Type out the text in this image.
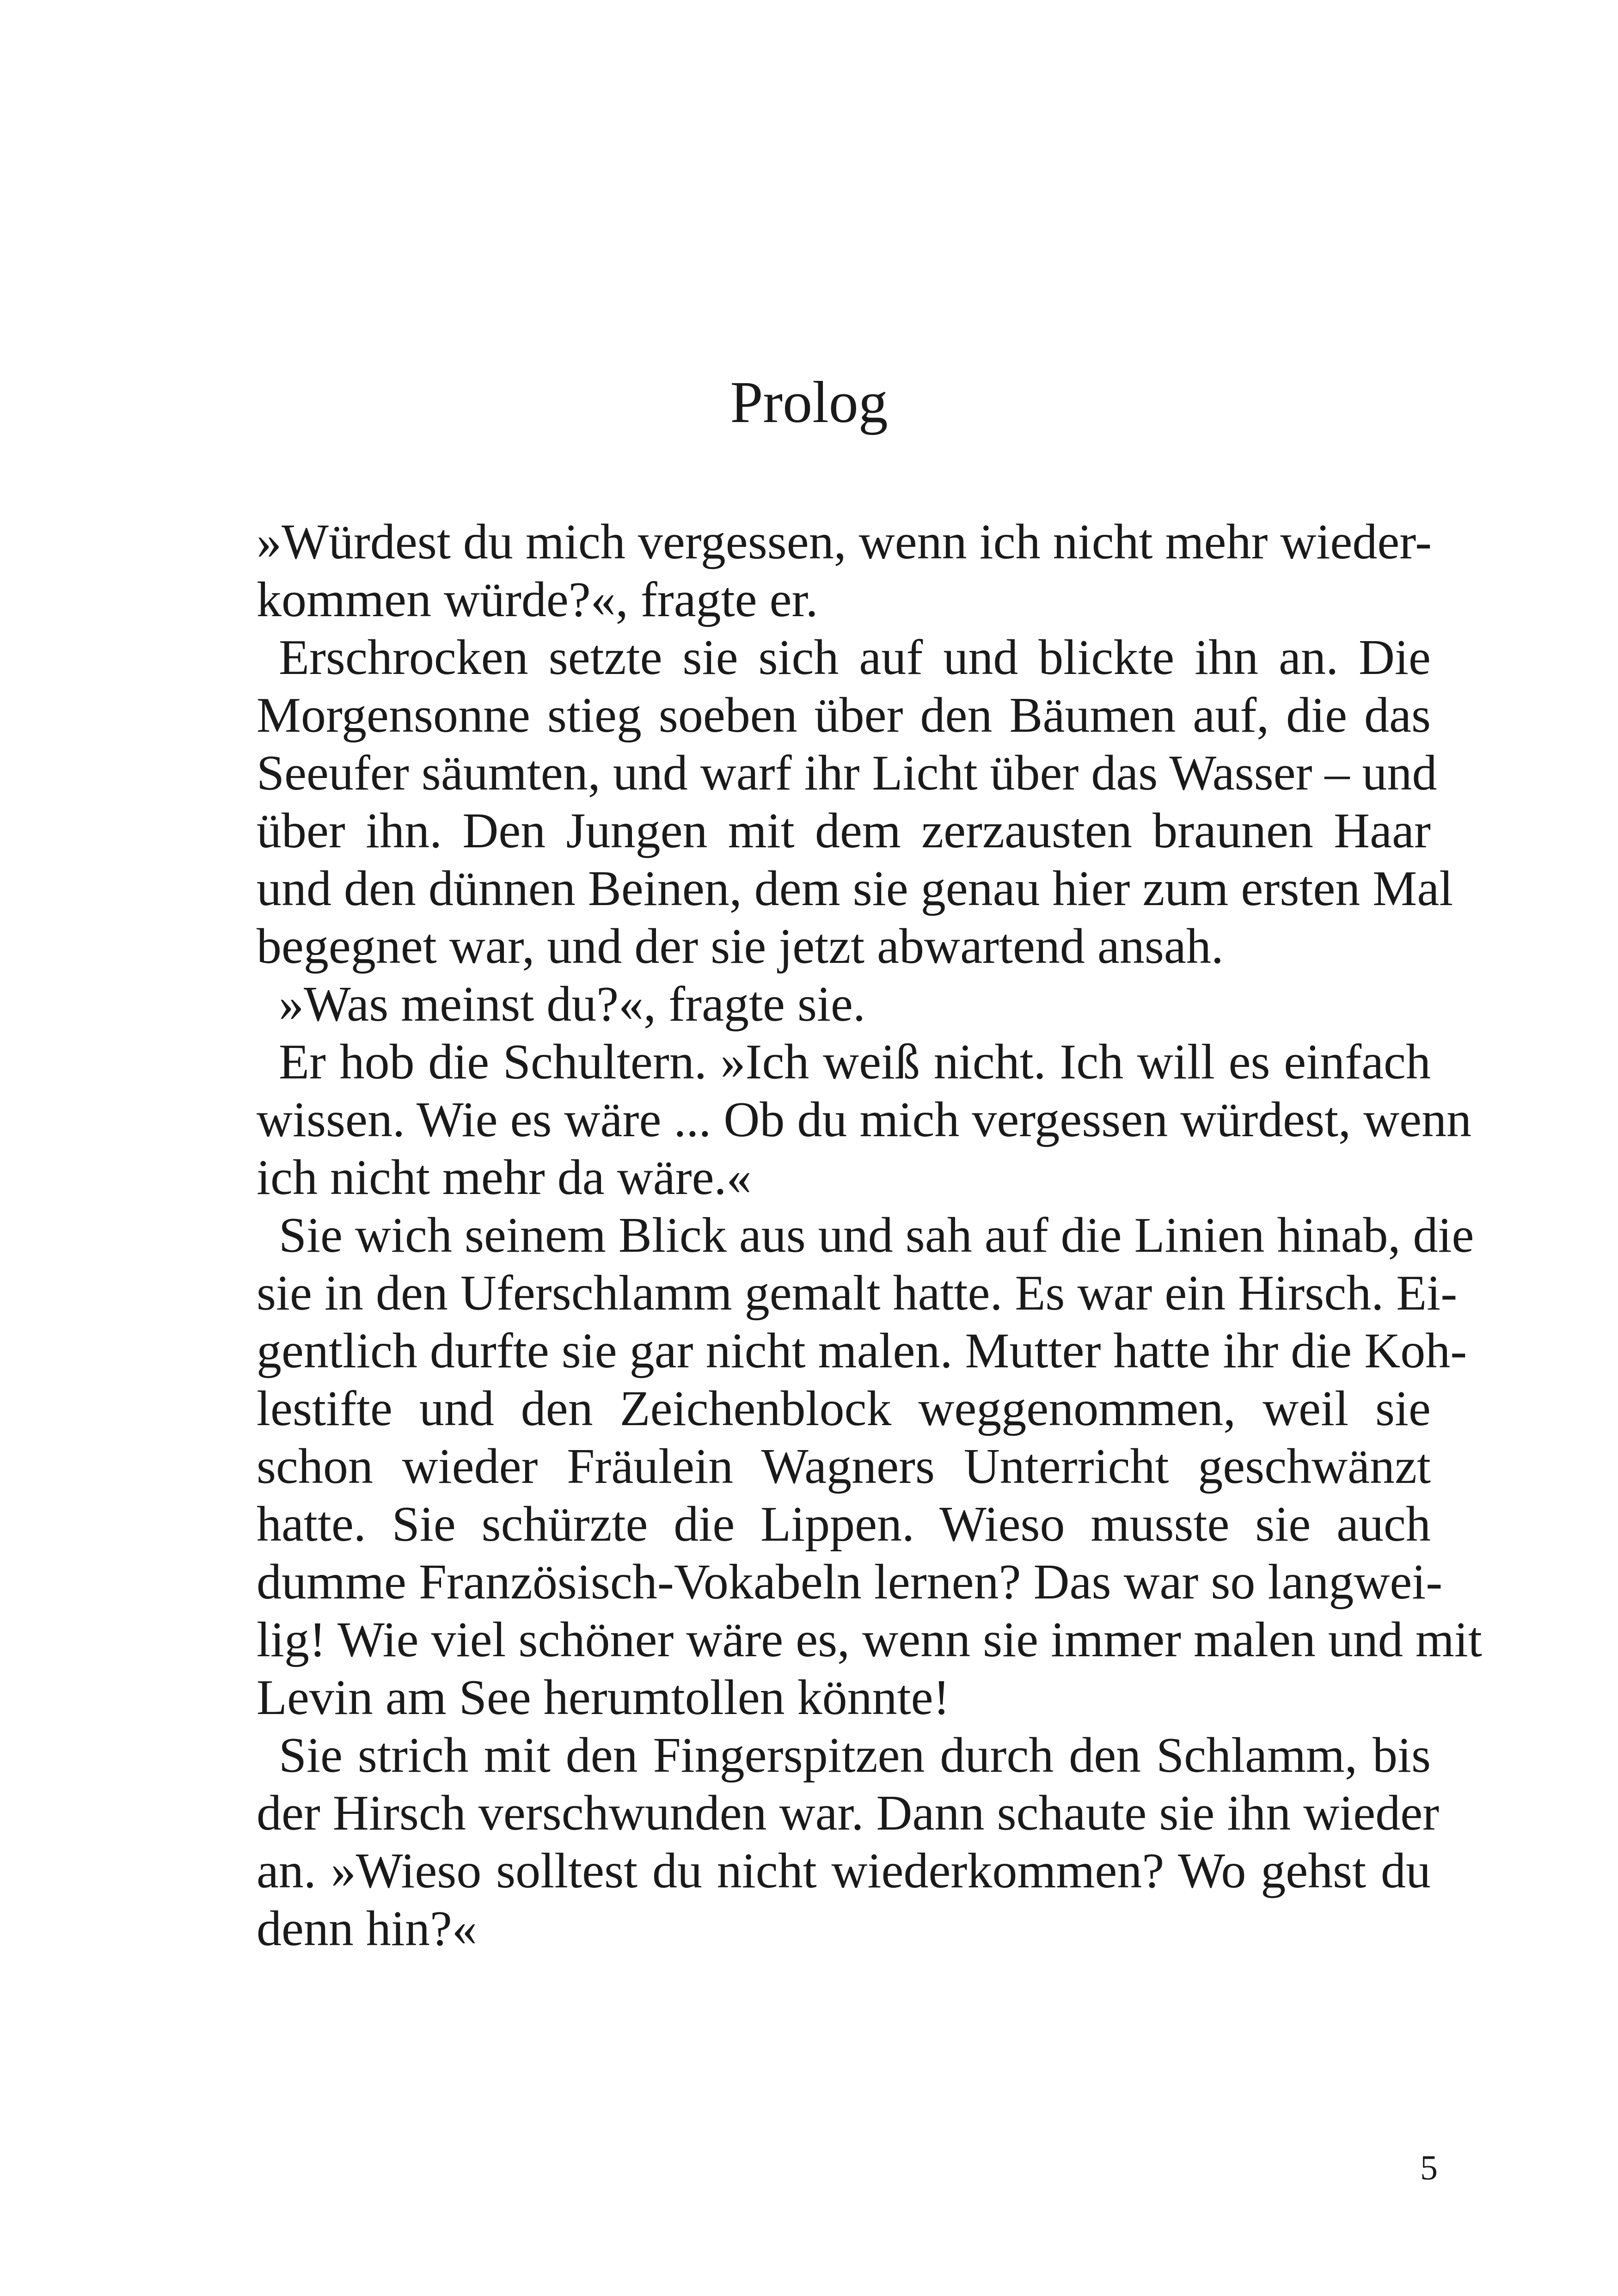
Prolog
»Würdest du mich vergessen, wenn ich nicht mehr wieder-
kommen würde?«, fragte er.
Erschrocken setzte sie sich auf und blickte ihn an. Die
Morgensonne stieg soeben über den Bäumen auf, die das
Seeufer säumten, und warf ihr Licht über das Wasser – und
über ihn. Den Jungen mit dem zerzausten braunen Haar
und den dünnen Beinen, dem sie genau hier zum ersten Mal
begegnet war, und der sie jetzt abwartend ansah.
»Was meinst du?«, fragte sie.
Er hob die Schultern. »Ich weiß nicht. Ich will es einfach
wissen. Wie es wäre ... Ob du mich vergessen würdest, wenn
ich nicht mehr da wäre.«
Sie wich seinem Blick aus und sah auf die Linien hinab, die
sie in den Uferschlamm gemalt hatte. Es war ein Hirsch. Ei-
gentlich durfte sie gar nicht malen. Mutter hatte ihr die Koh-
lestifte und den Zeichenblock weggenommen, weil sie
schon wieder Fräulein Wagners Unterricht geschwänzt
hatte. Sie schürzte die Lippen. Wieso musste sie auch
dumme Französisch-Vokabeln lernen? Das war so langwei-
lig! Wie viel schöner wäre es, wenn sie immer malen und mit
Levin am See herumtollen könnte!
Sie strich mit den Fingerspitzen durch den Schlamm, bis
der Hirsch verschwunden war. Dann schaute sie ihn wieder
an. »Wieso solltest du nicht wiederkommen? Wo gehst du
denn hin?«
5
